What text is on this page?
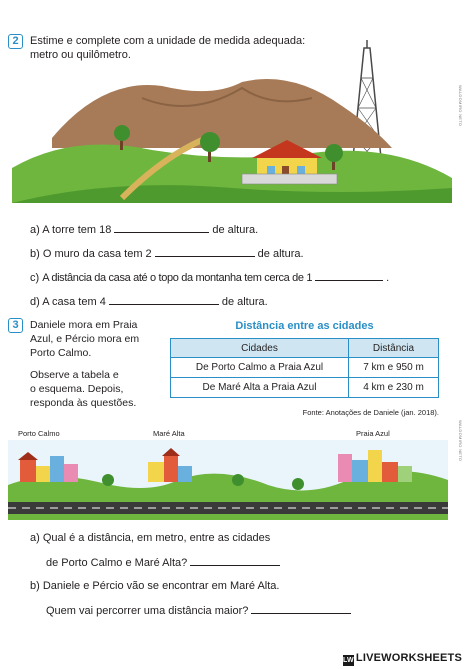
2	Estime e complete com a unidade de medida adequada:
metro ou quilômetro.
WALDOMIRO NETO
a) A torre tem 18	de altura.
b) O muro da casa tem 2	de altura.
c) A distância da casa até o topo da montanha tem cerca de 1	.
d) A casa tem 4	de altura.
3	Daniele mora em Praia
Azul, e Pércio mora em
Porto Calmo.
Observe a tabela e
o esquema. Depois,
responda às questões.
Distância entre as cidades
Cidades	Distância
De Porto Calmo a Praia Azul	7 km e 950 m
De Maré Alta a Praia Azul	4 km e 230 m
Fonte: Anotações de Daniele (jan. 2018).
Porto Calmo	Maré Alta	Praia Azul	WALDOMIRO NETO
a) Qual é a distância, em metro, entre as cidades
de Porto Calmo e Maré Alta?
b) Daniele e Pércio vão se encontrar em Maré Alta.
Quem vai percorrer uma distância maior?
LW LIVEWORKSHEETS
